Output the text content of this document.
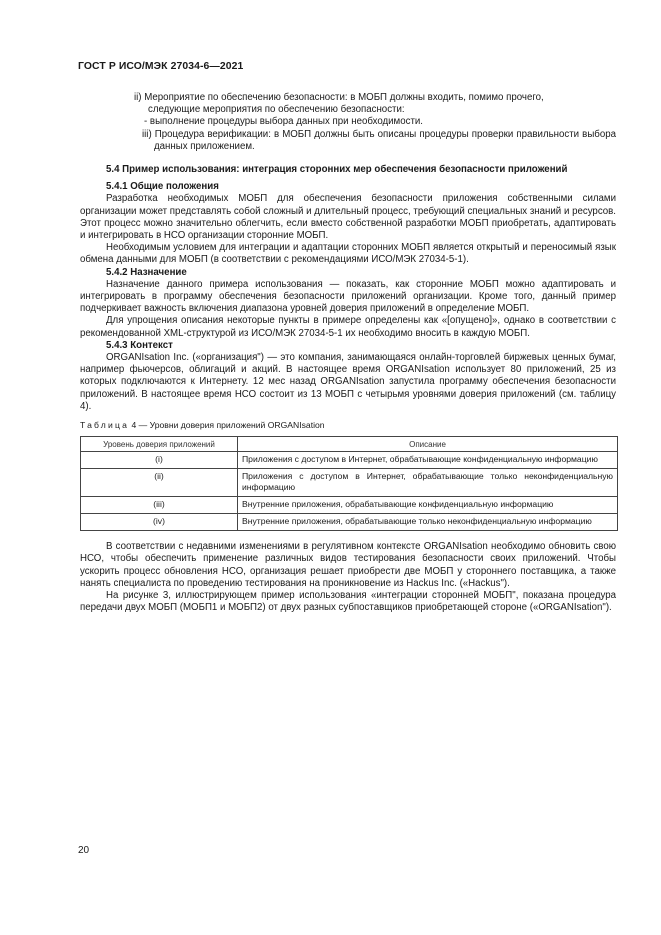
ГОСТ Р ИСО/МЭК 27034-6—2021

ii) Мероприятие по обеспечению безопасности: в МОБП должны входить, помимо прочего,

следующие мероприятия по обеспечению безопасности:

- выполнение процедуры выбора данных при необходимости.

iii) Процедура верификации: в МОБП должны быть описаны процедуры проверки правильности выбора данных приложением.

5.4 Пример использования: интеграция сторонних мер обеспечения безопасности приложений

5.4.1 Общие положения

Разработка необходимых МОБП для обеспечения безопасности приложения собственными силами организации может представлять собой сложный и длительный процесс, требующий специальных знаний и ресурсов. Этот процесс можно значительно облегчить, если вместо собственной разработки МОБП приобретать, адаптировать и интегрировать в НСО организации сторонние МОБП.

Необходимым условием для интеграции и адаптации сторонних МОБП является открытый и переносимый язык обмена данными для МОБП (в соответствии с рекомендациями ИСО/МЭК 27034-5-1).

5.4.2 Назначение

Назначение данного примера использования — показать, как сторонние МОБП можно адаптировать и интегрировать в программу обеспечения безопасности приложений организации. Кроме того, данный пример подчеркивает важность включения диапазона уровней доверия приложений в определение МОБП.

Для упрощения описания некоторые пункты в примере определены как «[опущено]», однако в соответствии с рекомендованной XML-структурой из ИСО/МЭК 27034-5-1 их необходимо вносить в каждую МОБП.

5.4.3 Контекст

ORGANIsation Inc. («организация") — это компания, занимающаяся онлайн-торговлей биржевых ценных бумаг, например фьючерсов, облигаций и акций. В настоящее время ORGANIsation использует 80 приложений, 25 из которых подключаются к Интернету. 12 мес назад ORGANIsation запустила программу обеспечения безопасности приложений. В настоящее время НСО состоит из 13 МОБП с четырьмя уровнями доверия приложений (см. таблицу 4).

Таблица 4 — Уровни доверия приложений ORGANIsation

Уровень доверия приложений	Описание
(i)	Приложения с доступом в Интернет, обрабатывающие конфиденциальную информацию
(ii)	Приложения с доступом в Интернет, обрабатывающие только неконфиденциальную информацию
(iii)	Внутренние приложения, обрабатывающие конфиденциальную информацию
(iv)	Внутренние приложения, обрабатывающие только неконфиденциальную информацию

В соответствии с недавними изменениями в регулятивном контексте ORGANIsation необходимо обновить свою НСО, чтобы обеспечить применение различных видов тестирования безопасности своих приложений. Чтобы ускорить процесс обновления НСО, организация решает приобрести две МОБП у стороннего поставщика, а также нанять специалиста по проведению тестирования на проникновение из Hackus Inc. («Hackus").

На рисунке 3, иллюстрирующем пример использования «интеграции сторонней МОБП", показана процедура передачи двух МОБП (МОБП1 и МОБП2) от двух разных субпоставщиков приобретающей стороне («ORGANIsation").

20
